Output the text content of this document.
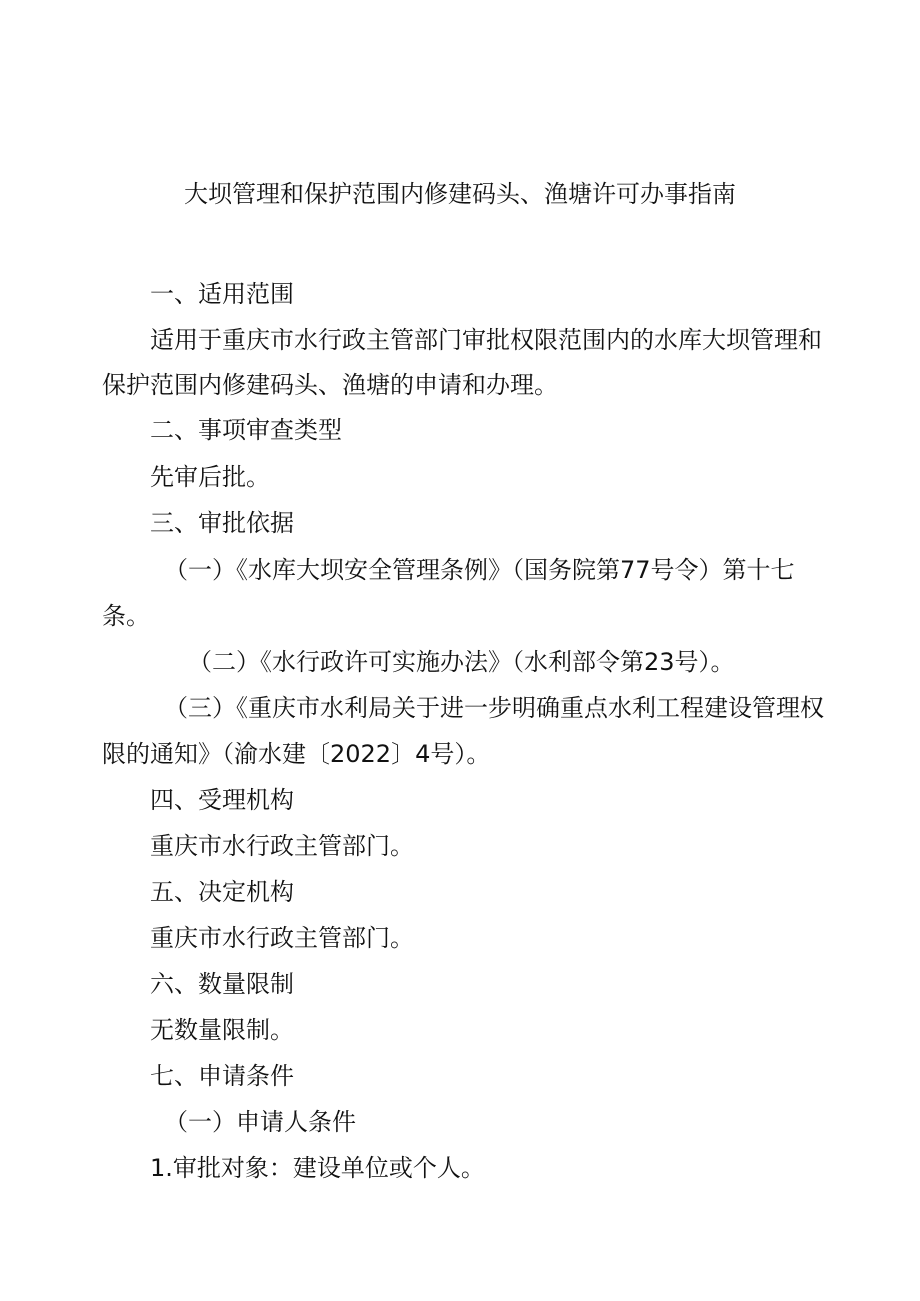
大坝管理和保护范围内修建码头、渔塘许可办事指南
一、适用范围
适用于重庆市水行政主管部门审批权限范围内的水库大坝管理和
保护范围内修建码头、渔塘的申请和办理。
二、事项审查类型
先审后批。
三、审批依据
（一）《水库大坝安全管理条例》（国务院第77号令）第十七
条。
（二）《水行政许可实施办法》（水利部令第23号）。
（三）《重庆市水利局关于进一步明确重点水利工程建设管理权
限的通知》（渝水建〔2022〕4号）。
四、受理机构
重庆市水行政主管部门。
五、决定机构
重庆市水行政主管部门。
六、数量限制
无数量限制。
七、申请条件
（一）申请人条件
1.审批对象：建设单位或个人。
